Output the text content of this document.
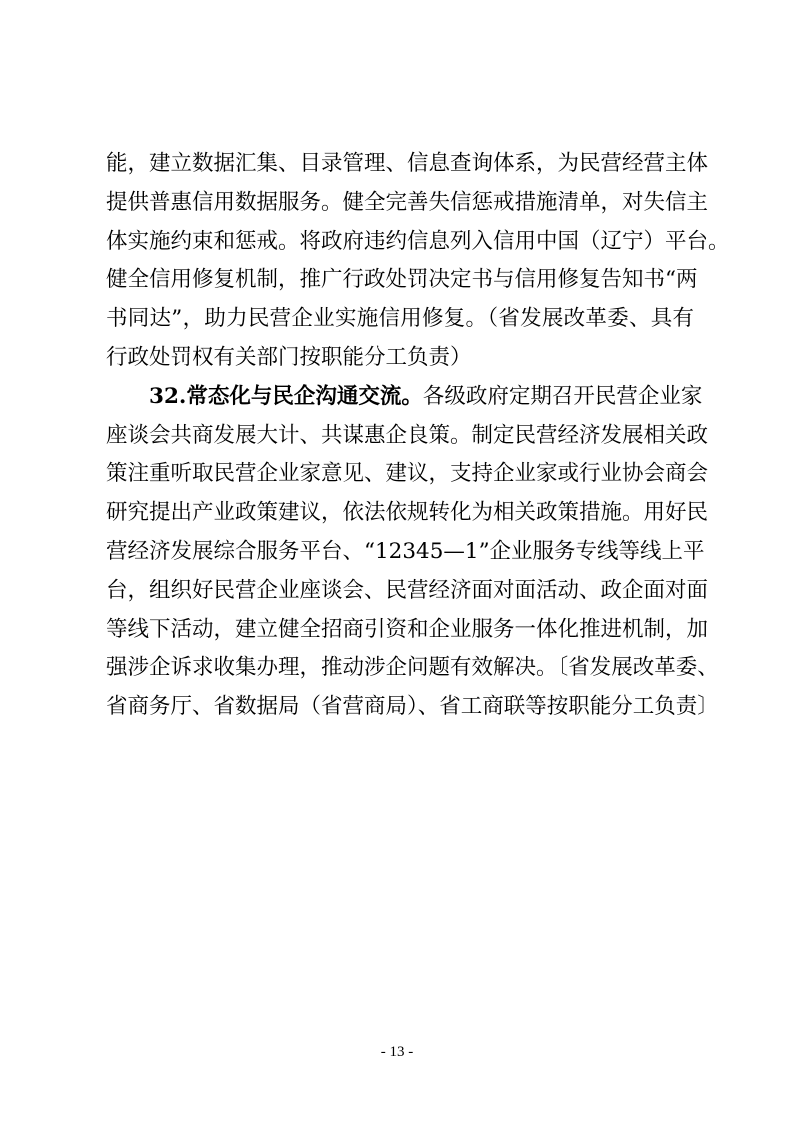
能，建立数据汇集、目录管理、信息查询体系，为民营经营主体
提供普惠信用数据服务。健全完善失信惩戒措施清单，对失信主
体实施约束和惩戒。将政府违约信息列入信用中国（辽宁）平台。
健全信用修复机制，推广行政处罚决定书与信用修复告知书“两
书同达”，助力民营企业实施信用修复。（省发展改革委、具有
行政处罚权有关部门按职能分工负责）
32.常态化与民企沟通交流。各级政府定期召开民营企业家
座谈会共商发展大计、共谋惠企良策。制定民营经济发展相关政
策注重听取民营企业家意见、建议，支持企业家或行业协会商会
研究提出产业政策建议，依法依规转化为相关政策措施。用好民
营经济发展综合服务平台、“12345—1”企业服务专线等线上平
台，组织好民营企业座谈会、民营经济面对面活动、政企面对面
等线下活动，建立健全招商引资和企业服务一体化推进机制，加
强涉企诉求收集办理，推动涉企问题有效解决。〔省发展改革委、
省商务厅、省数据局（省营商局）、省工商联等按职能分工负责〕
- 13 -
